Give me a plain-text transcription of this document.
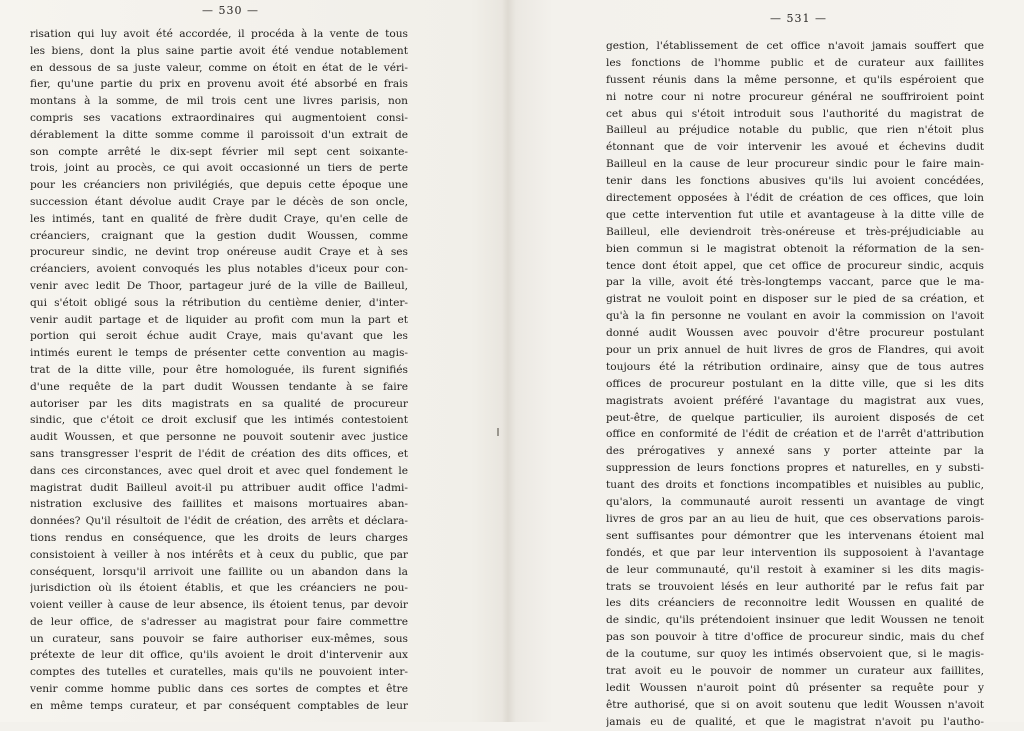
— 530 —
risation qui luy avoit été accordée, il procéda à la vente de tous
les biens, dont la plus saine partie avoit été vendue notablement
en dessous de sa juste valeur, comme on étoit en état de le véri-
fier, qu'une partie du prix en provenu avoit été absorbé en frais
montans à la somme, de mil trois cent une livres parisis, non
compris ses vacations extraordinaires qui augmentoient consi-
dérablement la ditte somme comme il paroissoit d'un extrait de
son compte arrêté le dix-sept février mil sept cent soixante-
trois, joint au procès, ce qui avoit occasionné un tiers de perte
pour les créanciers non privilégiés, que depuis cette époque une
succession étant dévolue audit Craye par le décès de son oncle,
les intimés, tant en qualité de frère dudit Craye, qu'en celle de
créanciers, craignant que la gestion dudit Woussen, comme
procureur sindic, ne devint trop onéreuse audit Craye et à ses
créanciers, avoient convoqués les plus notables d'iceux pour con-
venir avec ledit De Thoor, partageur juré de la ville de Bailleul,
qui s'étoit obligé sous la rétribution du centième denier, d'inter-
venir audit partage et de liquider au profit com mun la part et
portion qui seroit échue audit Craye, mais qu'avant que les
intimés eurent le temps de présenter cette convention au magis-
trat de la ditte ville, pour être homologuée, ils furent signifiés
d'une requête de la part dudit Woussen tendante à se faire
autoriser par les dits magistrats en sa qualité de procureur
sindic, que c'étoit ce droit exclusif que les intimés contestoient
audit Woussen, et que personne ne pouvoit soutenir avec justice
sans transgresser l'esprit de l'édit de création des dits offices, et
dans ces circonstances, avec quel droit et avec quel fondement le
magistrat dudit Bailleul avoit-il pu attribuer audit office l'admi-
nistration exclusive des faillites et maisons mortuaires aban-
données? Qu'il résultoit de l'édit de création, des arrêts et déclara-
tions rendus en conséquence, que les droits de leurs charges
consistoient à veiller à nos intérêts et à ceux du public, que par
conséquent, lorsqu'il arrivoit une faillite ou un abandon dans la
jurisdiction où ils étoient établis, et que les créanciers ne pou-
voient veiller à cause de leur absence, ils étoient tenus, par devoir
de leur office, de s'adresser au magistrat pour faire commettre
un curateur, sans pouvoir se faire authoriser eux-mêmes, sous
prétexte de leur dit office, qu'ils avoient le droit d'intervenir aux
comptes des tutelles et curatelles, mais qu'ils ne pouvoient inter-
venir comme homme public dans ces sortes de comptes et être
en même temps curateur, et par conséquent comptables de leur
— 531 —
gestion, l'établissement de cet office n'avoit jamais souffert que
les fonctions de l'homme public et de curateur aux faillites
fussent réunis dans la même personne, et qu'ils espéroient que
ni notre cour ni notre procureur général ne souffriroient point
cet abus qui s'étoit introduit sous l'authorité du magistrat de
Bailleul au préjudice notable du public, que rien n'étoit plus
étonnant que de voir intervenir les avoué et échevins dudit
Bailleul en la cause de leur procureur sindic pour le faire main-
tenir dans les fonctions abusives qu'ils lui avoient concédées,
directement opposées à l'édit de création de ces offices, que loin
que cette intervention fut utile et avantageuse à la ditte ville de
Bailleul, elle deviendroit très-onéreuse et très-préjudiciable au
bien commun si le magistrat obtenoit la réformation de la sen-
tence dont étoit appel, que cet office de procureur sindic, acquis
par la ville, avoit été très-longtemps vaccant, parce que le ma-
gistrat ne vouloit point en disposer sur le pied de sa création, et
qu'à la fin personne ne voulant en avoir la commission on l'avoit
donné audit Woussen avec pouvoir d'être procureur postulant
pour un prix annuel de huit livres de gros de Flandres, qui avoit
toujours été la rétribution ordinaire, ainsy que de tous autres
offices de procureur postulant en la ditte ville, que si les dits
magistrats avoient préféré l'avantage du magistrat aux vues,
peut-être, de quelque particulier, ils auroient disposés de cet
office en conformité de l'édit de création et de l'arrêt d'attribution
des prérogatives y annexé sans y porter atteinte par la
suppression de leurs fonctions propres et naturelles, en y substi-
tuant des droits et fonctions incompatibles et nuisibles au public,
qu'alors, la communauté auroit ressenti un avantage de vingt
livres de gros par an au lieu de huit, que ces observations parois-
sent suffisantes pour démontrer que les intervenans étoient mal
fondés, et que par leur intervention ils supposoient à l'avantage
de leur communauté, qu'il restoit à examiner si les dits magis-
trats se trouvoient lésés en leur authorité par le refus fait par
les dits créanciers de reconnoitre ledit Woussen en qualité de
de sindic, qu'ils prétendoient insinuer que ledit Woussen ne tenoit
pas son pouvoir à titre d'office de procureur sindic, mais du chef
de la coutume, sur quoy les intimés observoient que, si le magis-
trat avoit eu le pouvoir de nommer un curateur aux faillites,
ledit Woussen n'auroit point dû présenter sa requête pour y
être authorisé, que si on avoit soutenu que ledit Woussen n'avoit
jamais eu de qualité, et que le magistrat n'avoit pu l'autho-
